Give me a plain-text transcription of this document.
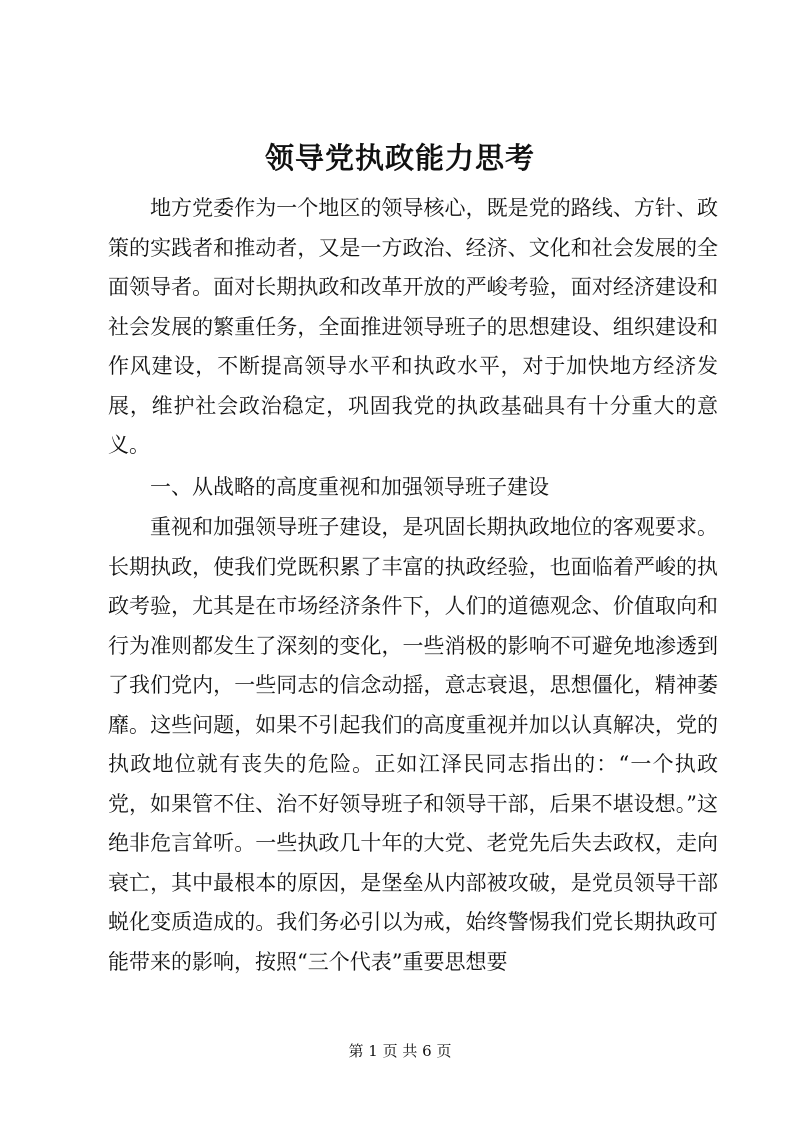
领导党执政能力思考

地方党委作为一个地区的领导核心，既是党的路线、方针、政策的实践者和推动者，又是一方政治、经济、文化和社会发展的全面领导者。面对长期执政和改革开放的严峻考验，面对经济建设和社会发展的繁重任务，全面推进领导班子的思想建设、组织建设和作风建设，不断提高领导水平和执政水平，对于加快地方经济发展，维护社会政治稳定，巩固我党的执政基础具有十分重大的意义。

一、从战略的高度重视和加强领导班子建设

重视和加强领导班子建设，是巩固长期执政地位的客观要求。长期执政，使我们党既积累了丰富的执政经验，也面临着严峻的执政考验，尤其是在市场经济条件下，人们的道德观念、价值取向和行为准则都发生了深刻的变化，一些消极的影响不可避免地渗透到了我们党内，一些同志的信念动摇，意志衰退，思想僵化，精神萎靡。这些问题，如果不引起我们的高度重视并加以认真解决，党的执政地位就有丧失的危险。正如江泽民同志指出的：“一个执政党，如果管不住、治不好领导班子和领导干部，后果不堪设想。”这绝非危言耸听。一些执政几十年的大党、老党先后失去政权，走向衰亡，其中最根本的原因，是堡垒从内部被攻破，是党员领导干部蜕化变质造成的。我们务必引以为戒，始终警惕我们党长期执政可能带来的影响，按照“三个代表”重要思想要

第 1 页 共 6 页
